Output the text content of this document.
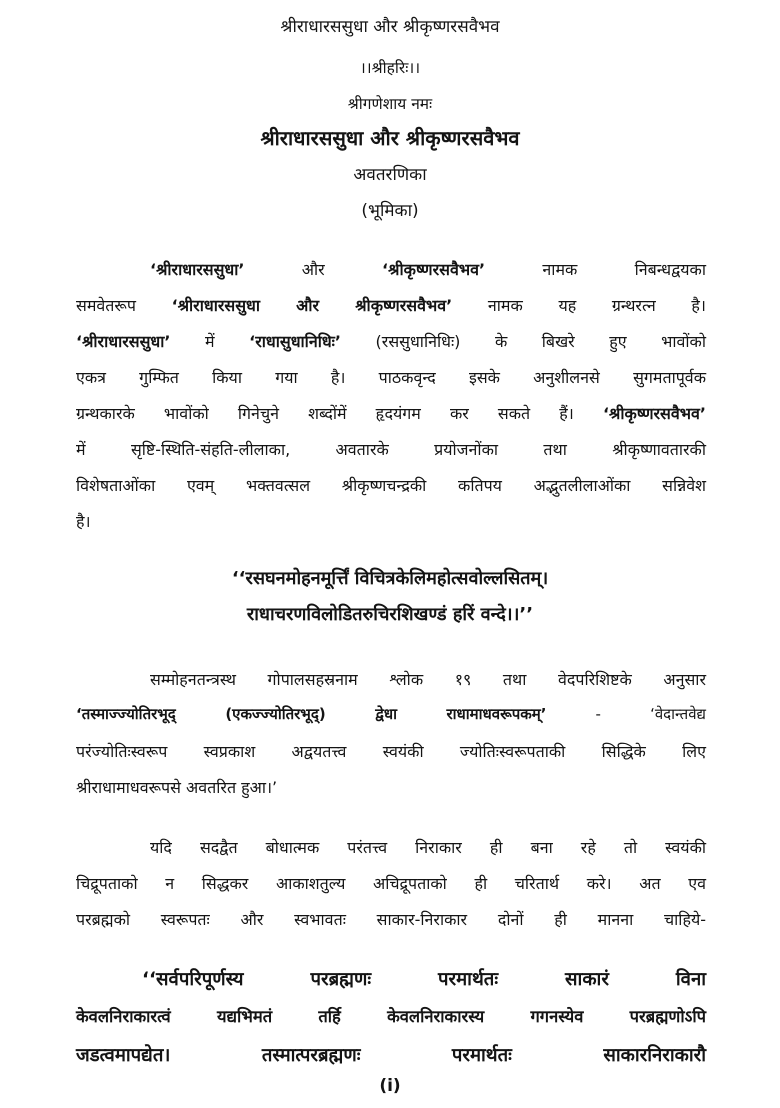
श्रीराधारससुधा और श्रीकृष्णरसवैभव
।।श्रीहरिः।।
श्रीगणेशाय नमः
श्रीराधारससुधा और श्रीकृष्णरसवैभव
अवतरणिका
(भूमिका)
‘श्रीराधारससुधा’ और ‘श्रीकृष्णरसवैभव’ नामक निबन्धद्वयका
समवेतरूप ‘श्रीराधारससुधा और श्रीकृष्णरसवैभव’ नामक यह ग्रन्थरत्न है।
‘श्रीराधारससुधा’ में ‘राधासुधानिधिः’ (रससुधानिधिः) के बिखरे हुए भावोंको
एकत्र गुम्फित किया गया है। पाठकवृन्द इसके अनुशीलनसे सुगमतापूर्वक
ग्रन्थकारके भावोंको गिनेचुने शब्दोंमें हृदयंगम कर सकते हैं। ‘श्रीकृष्णरसवैभव’
में सृष्टि-स्थिति-संहति-लीलाका, अवतारके प्रयोजनोंका तथा श्रीकृष्णावतारकी
विशेषताओंका एवम् भक्तवत्सल श्रीकृष्णचन्द्रकी कतिपय अद्भुतलीलाओंका सन्निवेश
है।
‘‘रसघनमोहनमूर्त्तिं विचित्रकेलिमहोत्सवोल्लसितम्।
राधाचरणविलोडितरुचिरशिखण्डं हरिं वन्दे।।’’
सम्मोहनतन्त्रस्थ गोपालसहस्रनाम श्लोक १९ तथा वेदपरिशिष्टके अनुसार
‘तस्माज्ज्योतिरभूद् (एकज्ज्योतिरभूद्) द्वेधा राधामाधवरूपकम्’ - ‘वेदान्तवेद्य
परंज्योतिःस्वरूप स्वप्रकाश अद्वयतत्त्व स्वयंकी ज्योतिःस्वरूपताकी सिद्धिके लिए
श्रीराधामाधवरूपसे अवतरित हुआ।’
यदि सदद्वैत बोधात्मक परंतत्त्व निराकार ही बना रहे तो स्वयंकी
चिद्रूपताको न सिद्धकर आकाशतुल्य अचिद्रूपताको ही चरितार्थ करे। अत एव
परब्रह्मको स्वरूपतः और स्वभावतः साकार-निराकार दोनों ही मानना चाहिये-
‘‘सर्वपरिपूर्णस्य परब्रह्मणः परमार्थतः साकारं विना
केवलनिराकारत्वं यद्यभिमतं तर्हि केवलनिराकारस्य गगनस्येव परब्रह्मणोऽपि
जडत्वमापद्येत। तस्मात्परब्रह्मणः परमार्थतः साकारनिराकारौ
(i)
